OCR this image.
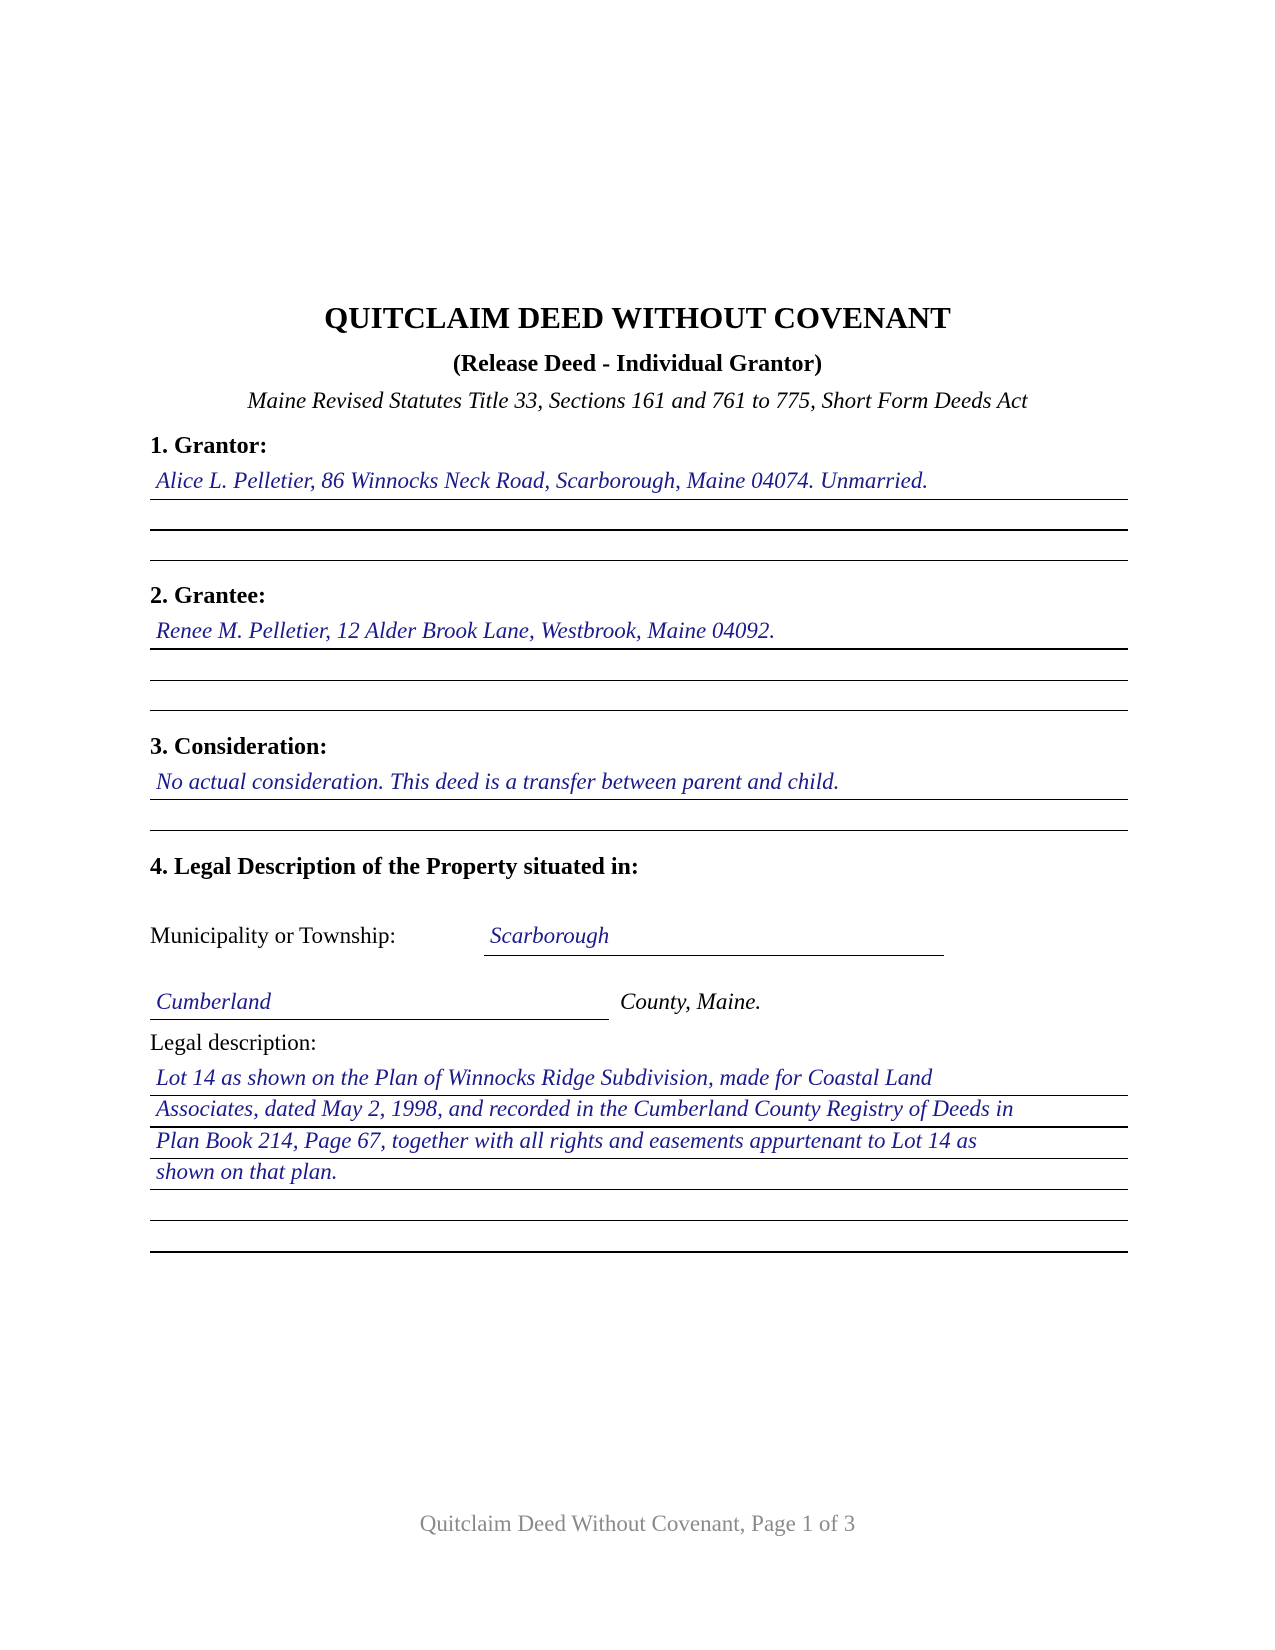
QUITCLAIM DEED WITHOUT COVENANT
(Release Deed - Individual Grantor)
Maine Revised Statutes Title 33, Sections 161 and 761 to 775, Short Form Deeds Act
1. Grantor:
Alice L. Pelletier, 86 Winnocks Neck Road, Scarborough, Maine 04074. Unmarried.
2. Grantee:
Renee M. Pelletier, 12 Alder Brook Lane, Westbrook, Maine 04092.
3. Consideration:
No actual consideration. This deed is a transfer between parent and child.
4. Legal Description of the Property situated in:
Municipality or Township:	Scarborough
Cumberland	County, Maine.
Legal description:
Lot 14 as shown on the Plan of Winnocks Ridge Subdivision, made for Coastal Land
Associates, dated May 2, 1998, and recorded in the Cumberland County Registry of Deeds in
Plan Book 214, Page 67, together with all rights and easements appurtenant to Lot 14 as
shown on that plan.
Quitclaim Deed Without Covenant, Page 1 of 3
